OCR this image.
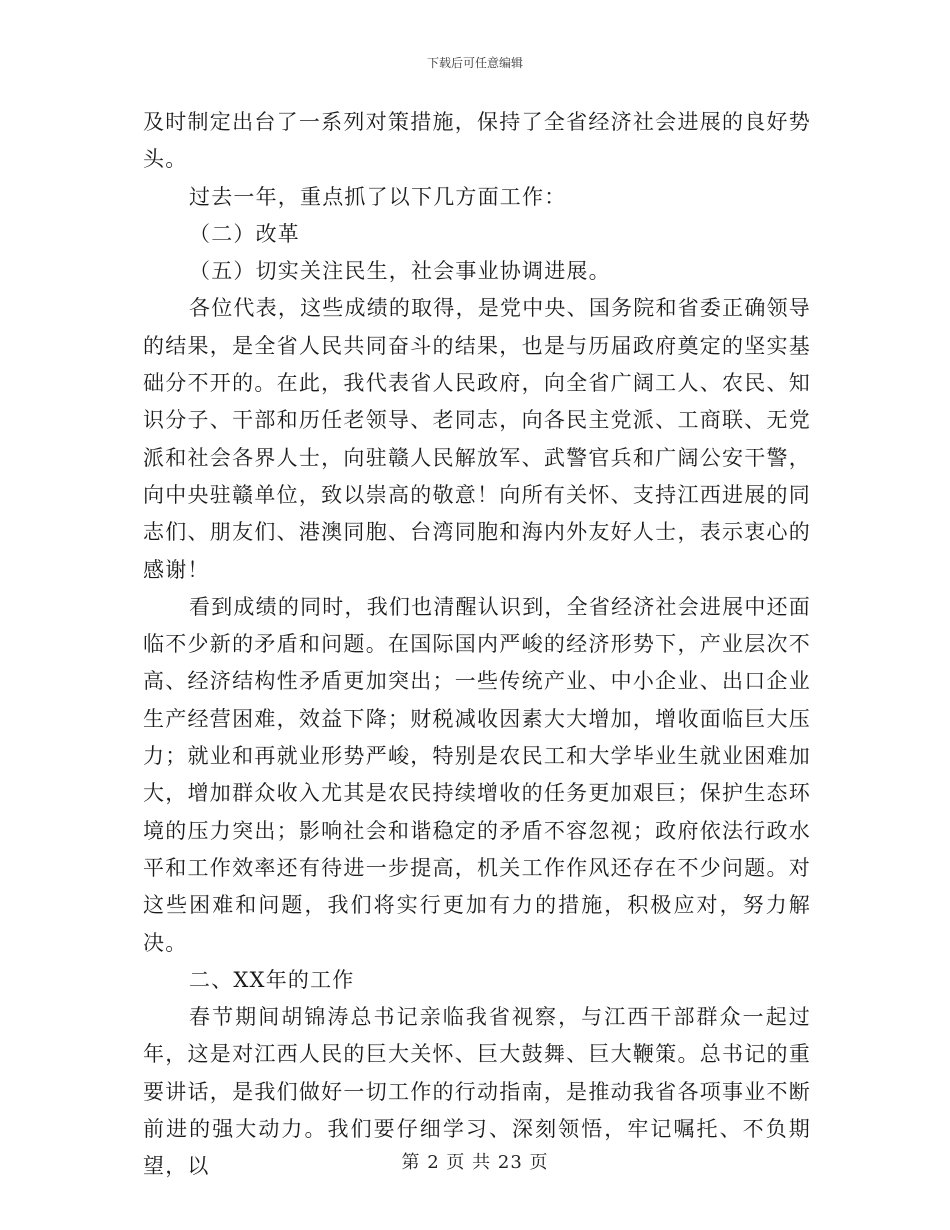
下载后可任意编辑

及时制定出台了一系列对策措施，保持了全省经济社会进展的良好势头。

过去一年，重点抓了以下几方面工作：

（二）改革

（五）切实关注民生，社会事业协调进展。

各位代表，这些成绩的取得，是党中央、国务院和省委正确领导的结果，是全省人民共同奋斗的结果，也是与历届政府奠定的坚实基础分不开的。在此，我代表省人民政府，向全省广阔工人、农民、知识分子、干部和历任老领导、老同志，向各民主党派、工商联、无党派和社会各界人士，向驻赣人民解放军、武警官兵和广阔公安干警，向中央驻赣单位，致以崇高的敬意！向所有关怀、支持江西进展的同志们、朋友们、港澳同胞、台湾同胞和海内外友好人士，表示衷心的感谢！

看到成绩的同时，我们也清醒认识到，全省经济社会进展中还面临不少新的矛盾和问题。在国际国内严峻的经济形势下，产业层次不高、经济结构性矛盾更加突出；一些传统产业、中小企业、出口企业生产经营困难，效益下降；财税减收因素大大增加，增收面临巨大压力；就业和再就业形势严峻，特别是农民工和大学毕业生就业困难加大，增加群众收入尤其是农民持续增收的任务更加艰巨；保护生态环境的压力突出；影响社会和谐稳定的矛盾不容忽视；政府依法行政水平和工作效率还有待进一步提高，机关工作作风还存在不少问题。对这些困难和问题，我们将实行更加有力的措施，积极应对，努力解决。

二、XX年的工作

春节期间胡锦涛总书记亲临我省视察，与江西干部群众一起过年，这是对江西人民的巨大关怀、巨大鼓舞、巨大鞭策。总书记的重要讲话，是我们做好一切工作的行动指南，是推动我省各项事业不断前进的强大动力。我们要仔细学习、深刻领悟，牢记嘱托、不负期望，以	第 2 页 共 23 页
